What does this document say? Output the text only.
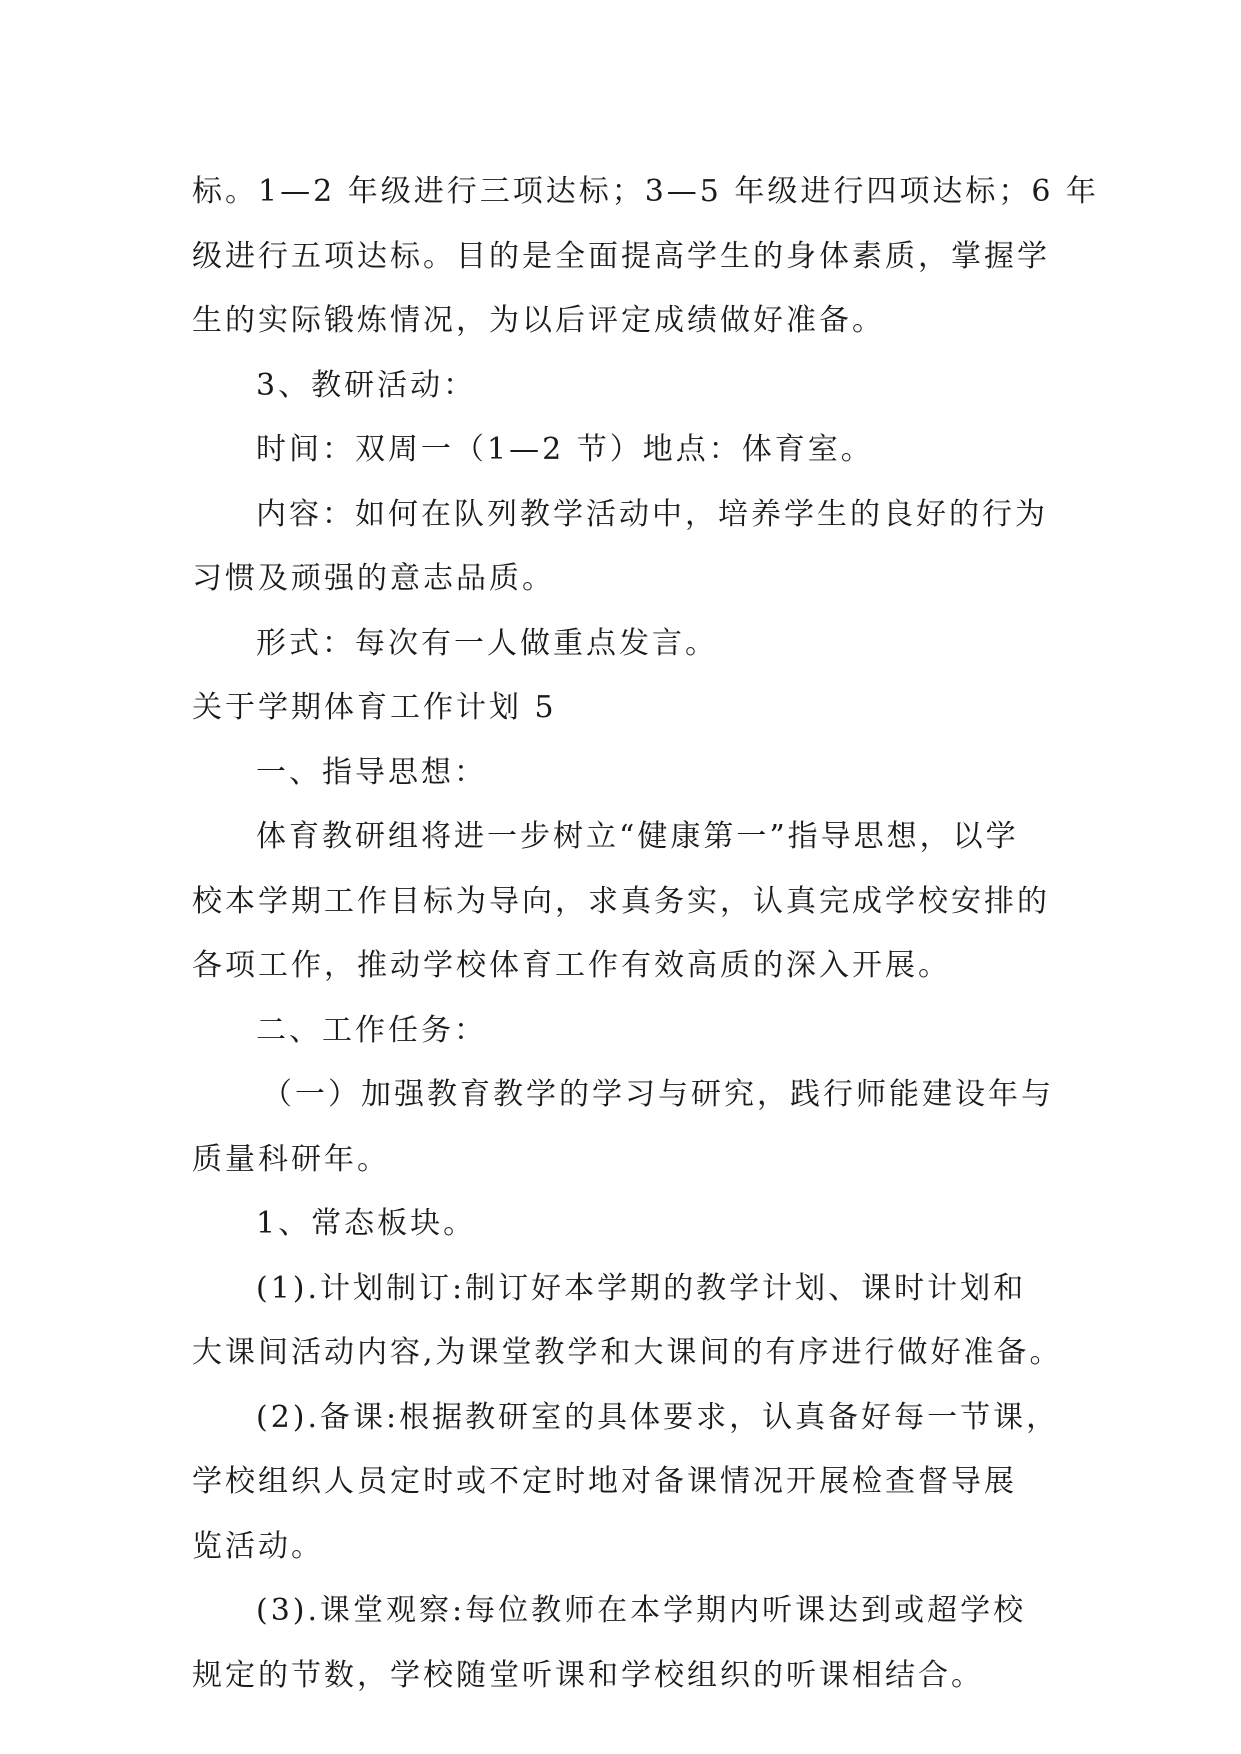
标。1—2 年级进行三项达标；3—5 年级进行四项达标；6 年
级进行五项达标。目的是全面提高学生的身体素质，掌握学
生的实际锻炼情况，为以后评定成绩做好准备。
3、教研活动：
时间：双周一（1—2 节）地点：体育室。
内容：如何在队列教学活动中，培养学生的良好的行为
习惯及顽强的意志品质。
形式：每次有一人做重点发言。
关于学期体育工作计划 5
一、指导思想：
体育教研组将进一步树立“健康第一”指导思想，以学
校本学期工作目标为导向，求真务实，认真完成学校安排的
各项工作，推动学校体育工作有效高质的深入开展。
二、工作任务：
（一）加强教育教学的学习与研究，践行师能建设年与
质量科研年。
1、常态板块。
(1).计划制订:制订好本学期的教学计划、课时计划和
大课间活动内容,为课堂教学和大课间的有序进行做好准备。
(2).备课:根据教研室的具体要求，认真备好每一节课，
学校组织人员定时或不定时地对备课情况开展检查督导展
览活动。
(3).课堂观察:每位教师在本学期内听课达到或超学校
规定的节数，学校随堂听课和学校组织的听课相结合。
